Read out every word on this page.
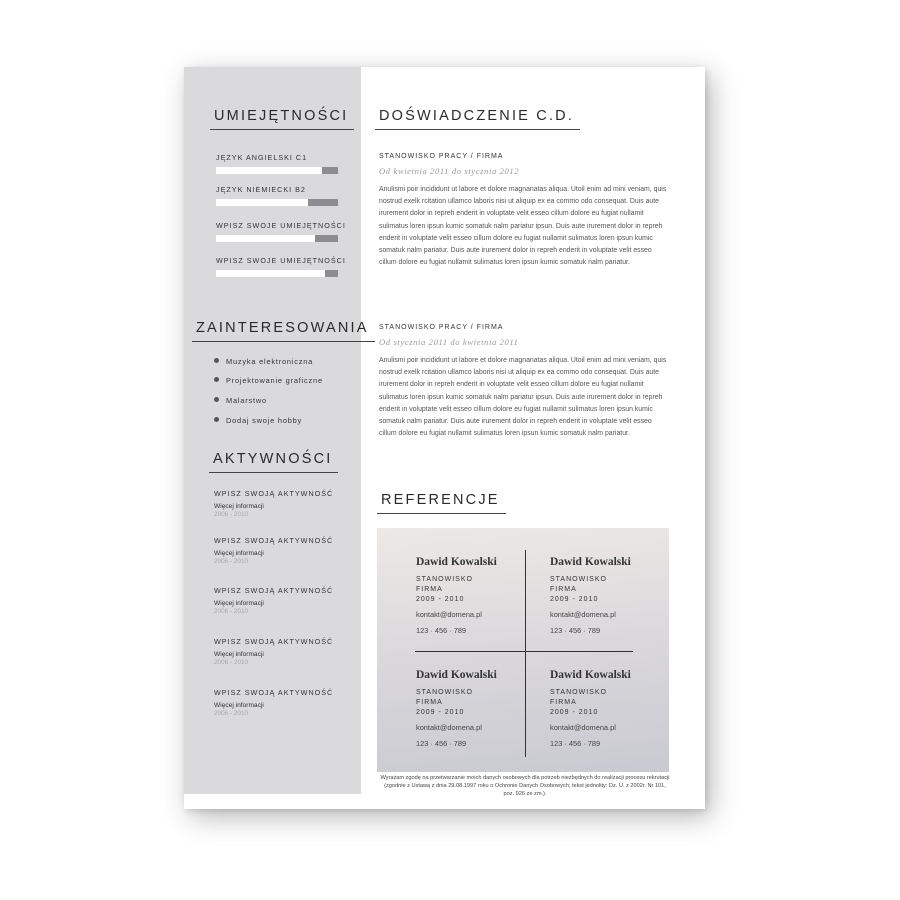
UMIEJĘTNOŚCI
JĘZYK ANGIELSKI C1
JĘZYK NIEMIECKI B2
WPISZ SWOJE UMIEJĘTNOŚCI
WPISZ SWOJE UMIEJĘTNOŚCI
ZAINTERESOWANIA
Muzyka elektroniczna
Projektowanie graficzne
Malarstwo
Dodaj swoje hobby
AKTYWNOŚCI
WPISZ SWOJĄ AKTYWNOŚĆ
Więcej informacji
2006 - 2010
WPISZ SWOJĄ AKTYWNOŚĆ
Więcej informacji
2006 - 2010
WPISZ SWOJĄ AKTYWNOŚĆ
Więcej informacji
2006 - 2010
WPISZ SWOJĄ AKTYWNOŚĆ
Więcej informacji
2006 - 2010
WPISZ SWOJĄ AKTYWNOŚĆ
Więcej informacji
2006 - 2010
DOŚWIADCZENIE C.D.
STANOWISKO PRACY / FIRMA
Od kwietnia 2011 do stycznia 2012
Anulismi poir incididunt ut labore et dolore magnanatas aliqua. Utoil enim ad mini veniam, quis nostrud exelk rcitation ullamco laboris nisi ut aliquip ex ea commo odo consequat. Duis aute irurement dolor in repreh enderit in voluptate velit esseo cillum dolore eu fugiat nullamit sulimatus loren ipsun kumic somatuk nalm pariatur ipsun. Duis aute irurement dolor in repreh enderit in voluptate velit esseo cillum dolore eu fugiat nullamit sulimatus loren ipsun kumic somatuk nalm pariatur. Duis aute irurement dolor in repreh enderit in voluptate velit esseo cillum dolore eu fugiat nullamit sulimatus loren ipsun kumic somatuk nalm pariatur.
STANOWISKO PRACY / FIRMA
Od stycznia 2011 do kwietnia 2011
Anulismi poir incididunt ut labore et dolore magnanatas aliqua. Utoil enim ad mini veniam, quis nostrud exelk rcitation ullamco laboris nisi ut aliquip ex ea commo odo consequat. Duis aute irurement dolor in repreh enderit in voluptate velit esseo cillum dolore eu fugiat nullamit sulimatus loren ipsun kumic somatuk nalm pariatur ipsun. Duis aute irurement dolor in repreh enderit in voluptate velit esseo cillum dolore eu fugiat nullamit sulimatus loren ipsun kumic somatuk nalm pariatur. Duis aute irurement dolor in repreh enderit in voluptate velit esseo cillum dolore eu fugiat nullamit sulimatus loren ipsun kumic somatuk nalm pariatur.
REFERENCJE
Dawid Kowalski
STANOWISKO
FIRMA
2009 - 2010
kontakt@domena.pl
123 · 456 · 789
Dawid Kowalski
STANOWISKO
FIRMA
2009 - 2010
kontakt@domena.pl
123 · 456 · 789
Dawid Kowalski
STANOWISKO
FIRMA
2009 - 2010
kontakt@domena.pl
123 · 456 · 789
Dawid Kowalski
STANOWISKO
FIRMA
2009 - 2010
kontakt@domena.pl
123 · 456 · 789
Wyrażam zgodę na przetwarzanie moich danych osobowych dla potrzeb niezbędnych do realizacji procesu rekrutacji (zgodnie z Ustawą z dnia 29.08.1997 roku o Ochronie Danych Osobowych; tekst jednolity: Dz. U. z 2002r. Nr 101, poz. 926 ze zm.).
